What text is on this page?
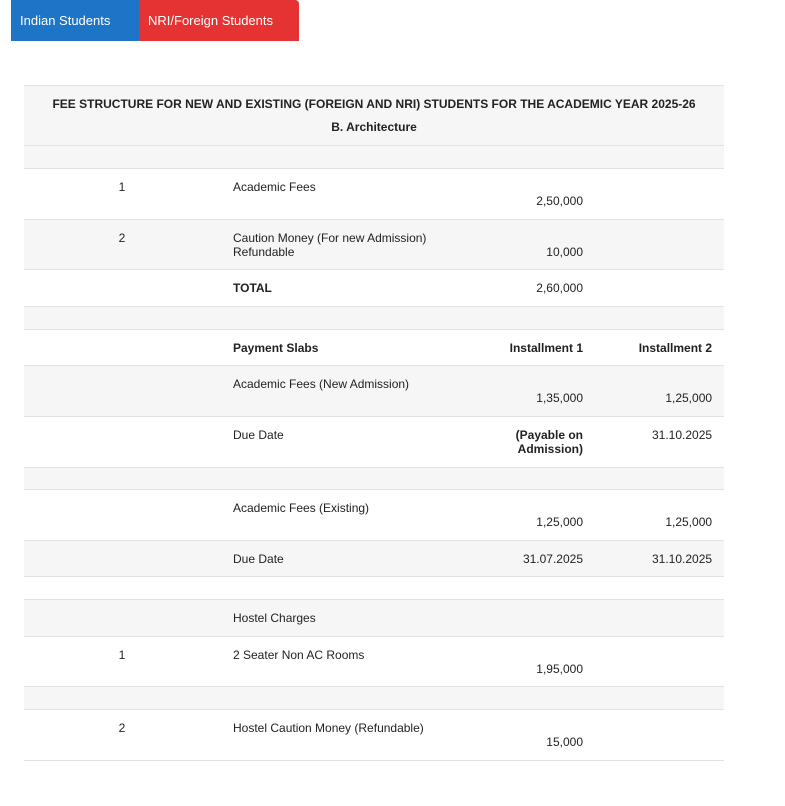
Indian Students	NRI/Foreign Students
FEE STRUCTURE FOR NEW AND EXISTING (FOREIGN AND NRI) STUDENTS FOR THE ACADEMIC YEAR 2025-26
B. Architecture			

1	Academic Fees	2,50,000	
2	Caution Money (For new Admission)
Refundable	10,000	
	TOTAL	2,60,000	

	Payment Slabs	Installment 1	Installment 2
	Academic Fees (New Admission)	1,35,000	1,25,000
	Due Date	(Payable on
Admission)	31.10.2025

	Academic Fees (Existing)	1,25,000	1,25,000
	Due Date	31.07.2025	31.10.2025

	Hostel Charges		
1	2 Seater Non AC Rooms	1,95,000	

2	Hostel Caution Money (Refundable)	15,000	
